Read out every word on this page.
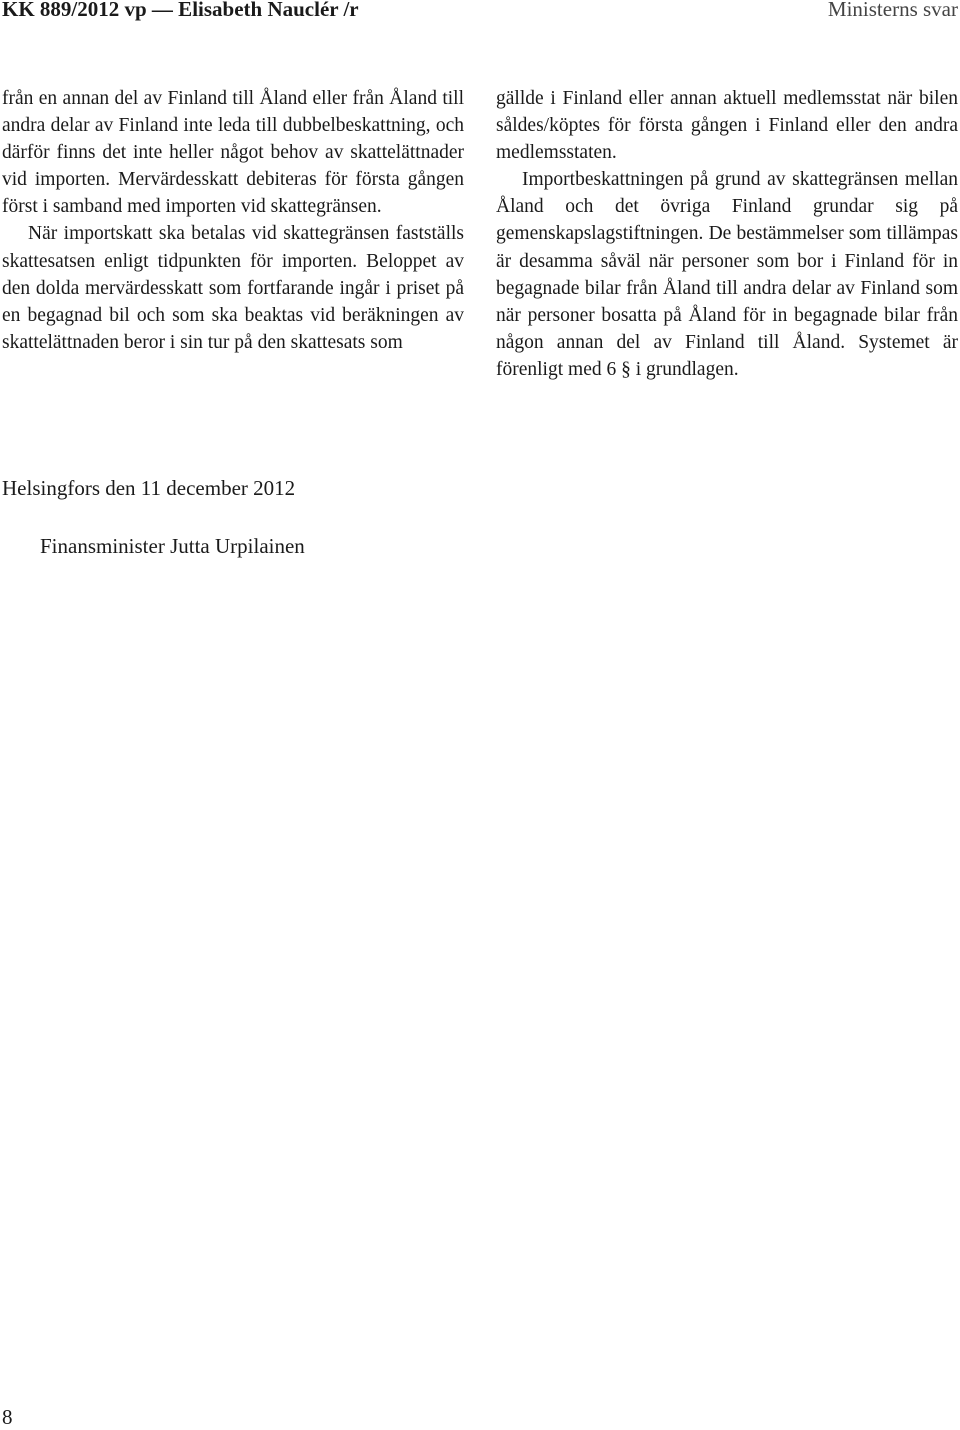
KK 889/2012 vp — Elisabeth Nauclér /r	Ministerns svar

från en annan del av Finland till Åland eller från Åland till andra delar av Finland inte leda till dubbelbeskattning, och därför finns det inte heller något behov av skattelättnader vid importen. Mervärdesskatt debiteras för första gången först i samband med importen vid skattegränsen.

När importskatt ska betalas vid skattegränsen fastställs skattesatsen enligt tidpunkten för importen. Beloppet av den dolda mervärdesskatt som fortfarande ingår i priset på en begagnad bil och som ska beaktas vid beräkningen av skattelättnaden beror i sin tur på den skattesats som

gällde i Finland eller annan aktuell medlemsstat när bilen såldes/köptes för första gången i Finland eller den andra medlemsstaten.

Importbeskattningen på grund av skattegränsen mellan Åland och det övriga Finland grundar sig på gemenskapslagstiftningen. De bestämmelser som tillämpas är desamma såväl när personer som bor i Finland för in begagnade bilar från Åland till andra delar av Finland som när personer bosatta på Åland för in begagnade bilar från någon annan del av Finland till Åland. Systemet är förenligt med 6 § i grundlagen.

Helsingfors den 11 december 2012
Finansminister Jutta Urpilainen
8
